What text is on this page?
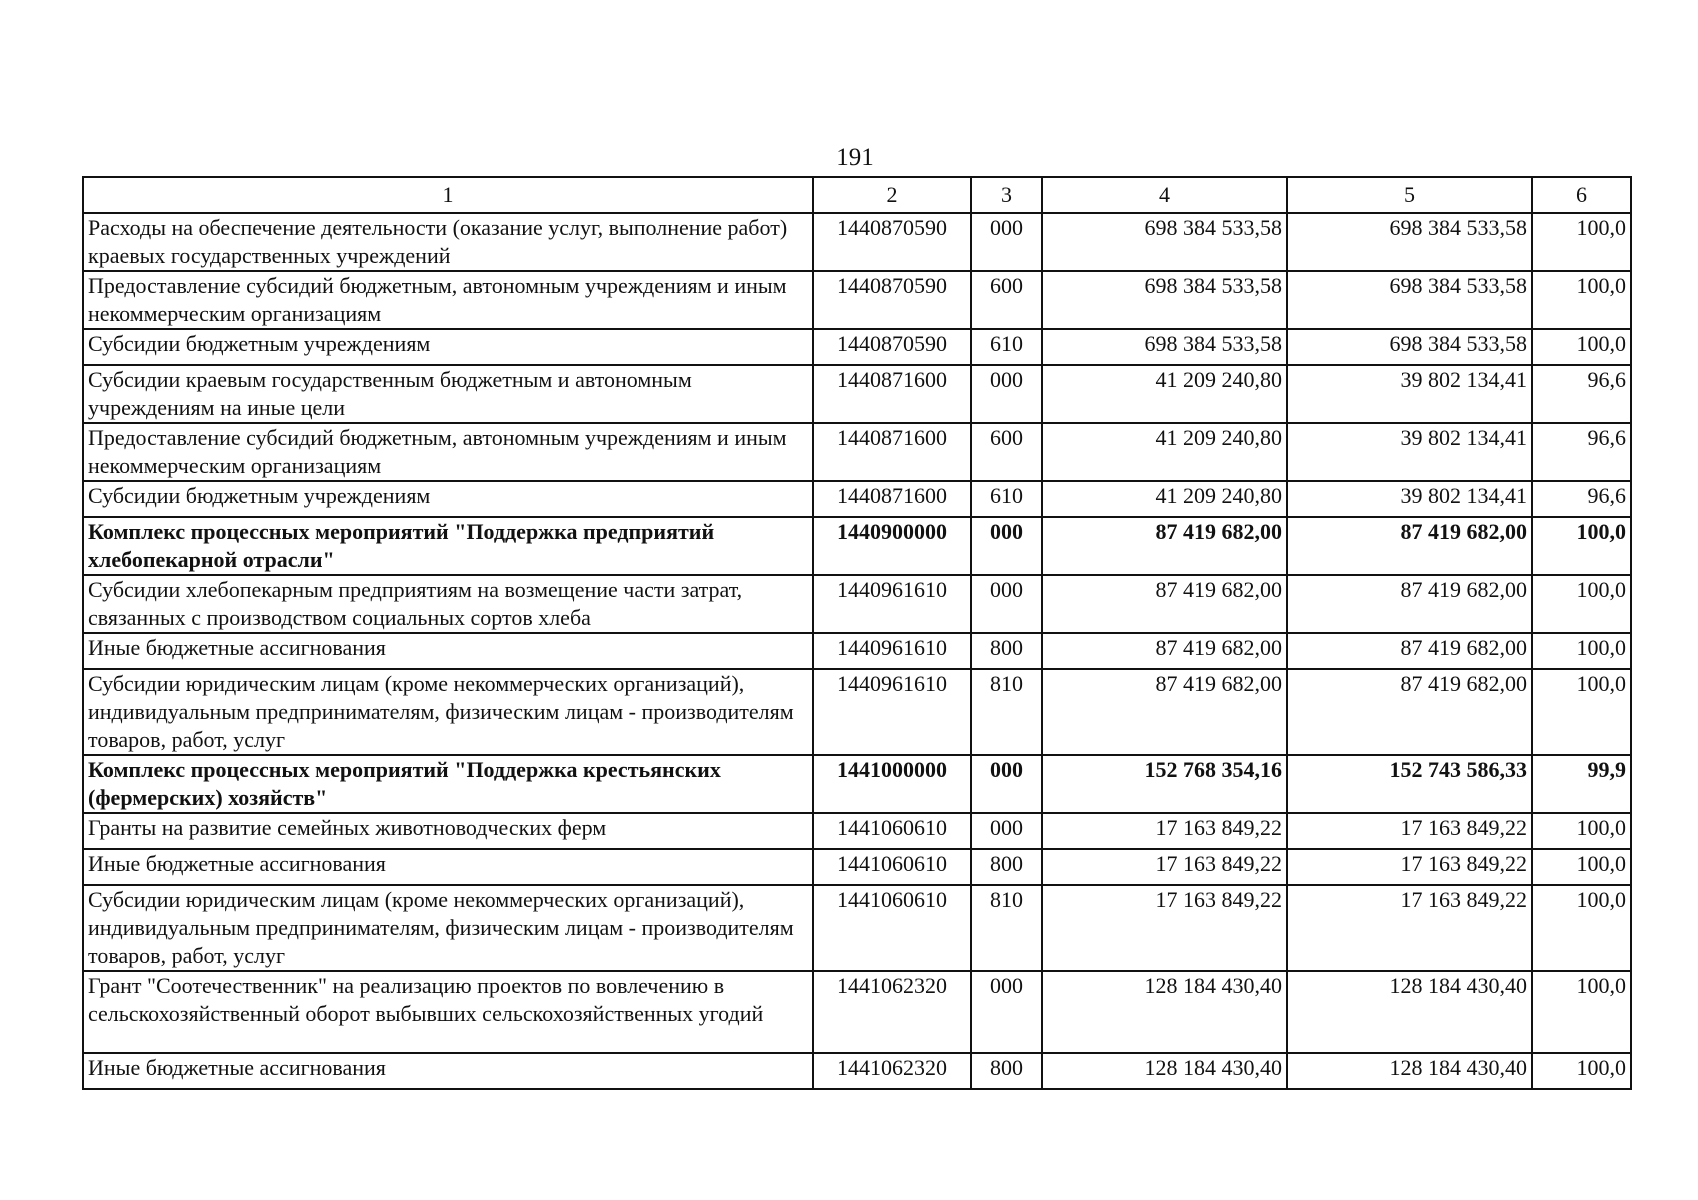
191
1	2	3	4	5	6
Расходы на обеспечение деятельности (оказание услуг, выполнение работ) краевых государственных учреждений	1440870590	000	698 384 533,58	698 384 533,58	100,0
Предоставление субсидий бюджетным, автономным учреждениям и иным некоммерческим организациям	1440870590	600	698 384 533,58	698 384 533,58	100,0
Субсидии бюджетным учреждениям	1440870590	610	698 384 533,58	698 384 533,58	100,0
Субсидии краевым государственным бюджетным и автономным учреждениям на иные цели	1440871600	000	41 209 240,80	39 802 134,41	96,6
Предоставление субсидий бюджетным, автономным учреждениям и иным некоммерческим организациям	1440871600	600	41 209 240,80	39 802 134,41	96,6
Субсидии бюджетным учреждениям	1440871600	610	41 209 240,80	39 802 134,41	96,6
Комплекс процессных мероприятий "Поддержка предприятий хлебопекарной отрасли"	1440900000	000	87 419 682,00	87 419 682,00	100,0
Субсидии хлебопекарным предприятиям на возмещение части затрат, связанных с производством социальных сортов хлеба	1440961610	000	87 419 682,00	87 419 682,00	100,0
Иные бюджетные ассигнования	1440961610	800	87 419 682,00	87 419 682,00	100,0
Субсидии юридическим лицам (кроме некоммерческих организаций), индивидуальным предпринимателям, физическим лицам - производителям товаров, работ, услуг	1440961610	810	87 419 682,00	87 419 682,00	100,0
Комплекс процессных мероприятий "Поддержка крестьянских (фермерских) хозяйств"	1441000000	000	152 768 354,16	152 743 586,33	99,9
Гранты на развитие семейных животноводческих ферм	1441060610	000	17 163 849,22	17 163 849,22	100,0
Иные бюджетные ассигнования	1441060610	800	17 163 849,22	17 163 849,22	100,0
Субсидии юридическим лицам (кроме некоммерческих организаций), индивидуальным предпринимателям, физическим лицам - производителям товаров, работ, услуг	1441060610	810	17 163 849,22	17 163 849,22	100,0
Грант "Соотечественник" на реализацию проектов по вовлечению в сельскохозяйственный оборот выбывших сельскохозяйственных угодий	1441062320	000	128 184 430,40	128 184 430,40	100,0
Иные бюджетные ассигнования	1441062320	800	128 184 430,40	128 184 430,40	100,0
